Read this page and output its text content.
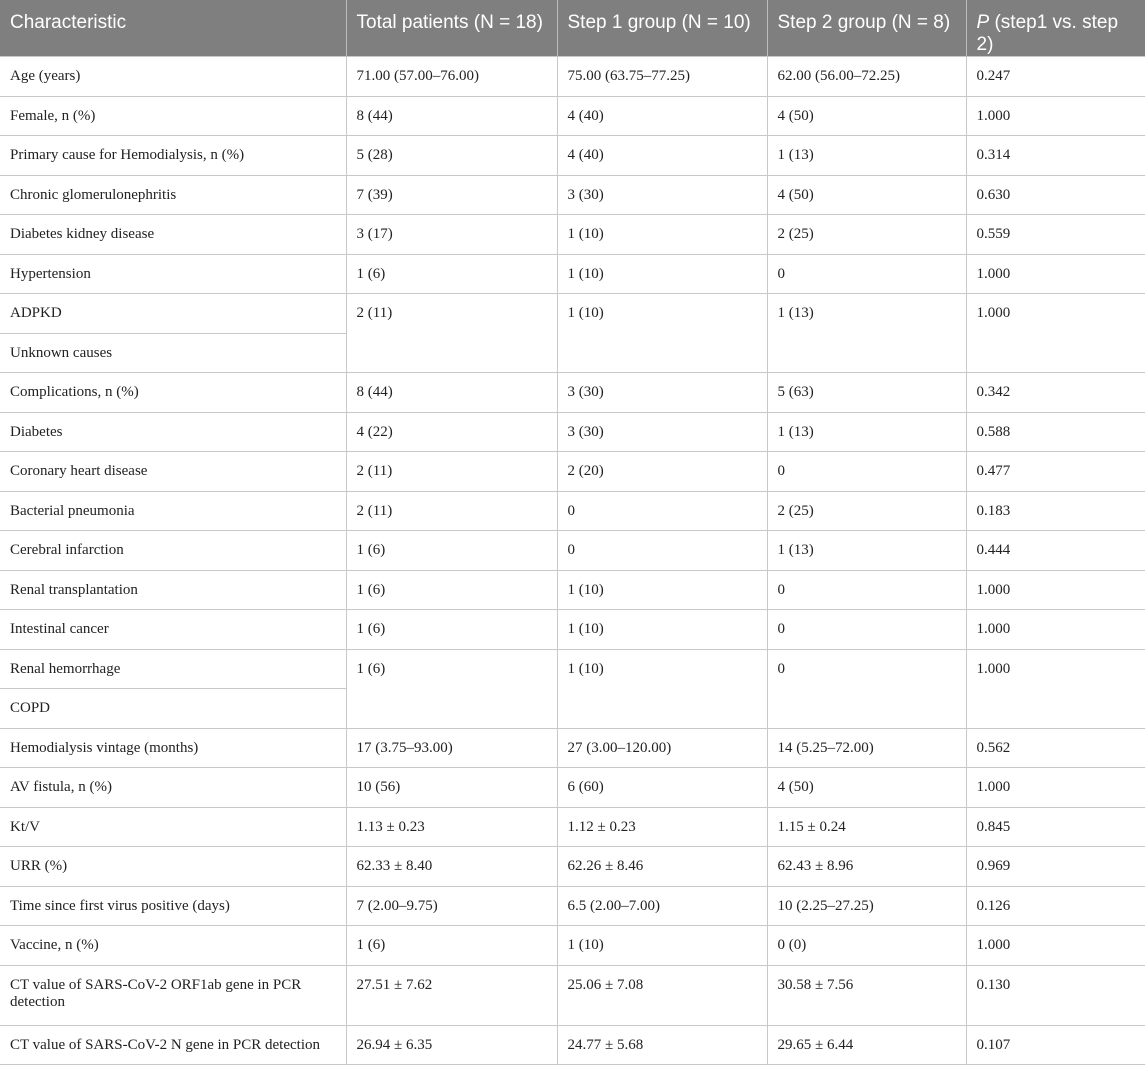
Characteristic	Total patients (N = 18)	Step 1 group (N = 10)	Step 2 group (N = 8)	P (step1 vs. step 2)
Age (years)	71.00 (57.00–76.00)	75.00 (63.75–77.25)	62.00 (56.00–72.25)	0.247
Female, n (%)	8 (44)	4 (40)	4 (50)	1.000
Primary cause for Hemodialysis, n (%)	5 (28)	4 (40)	1 (13)	0.314
Chronic glomerulonephritis	7 (39)	3 (30)	4 (50)	0.630
Diabetes kidney disease	3 (17)	1 (10)	2 (25)	0.559
Hypertension	1 (6)	1 (10)	0	1.000
ADPKD	2 (11)	1 (10)	1 (13)	1.000
Unknown causes				
Complications, n (%)	8 (44)	3 (30)	5 (63)	0.342
Diabetes	4 (22)	3 (30)	1 (13)	0.588
Coronary heart disease	2 (11)	2 (20)	0	0.477
Bacterial pneumonia	2 (11)	0	2 (25)	0.183
Cerebral infarction	1 (6)	0	1 (13)	0.444
Renal transplantation	1 (6)	1 (10)	0	1.000
Intestinal cancer	1 (6)	1 (10)	0	1.000
Renal hemorrhage	1 (6)	1 (10)	0	1.000
COPD				
Hemodialysis vintage (months)	17 (3.75–93.00)	27 (3.00–120.00)	14 (5.25–72.00)	0.562
AV fistula, n (%)	10 (56)	6 (60)	4 (50)	1.000
Kt/V	1.13 ± 0.23	1.12 ± 0.23	1.15 ± 0.24	0.845
URR (%)	62.33 ± 8.40	62.26 ± 8.46	62.43 ± 8.96	0.969
Time since first virus positive (days)	7 (2.00–9.75)	6.5 (2.00–7.00)	10 (2.25–27.25)	0.126
Vaccine, n (%)	1 (6)	1 (10)	0 (0)	1.000
CT value of SARS-CoV-2 ORF1ab gene in PCR detection	27.51 ± 7.62	25.06 ± 7.08	30.58 ± 7.56	0.130
CT value of SARS-CoV-2 N gene in PCR detection	26.94 ± 6.35	24.77 ± 5.68	29.65 ± 6.44	0.107
